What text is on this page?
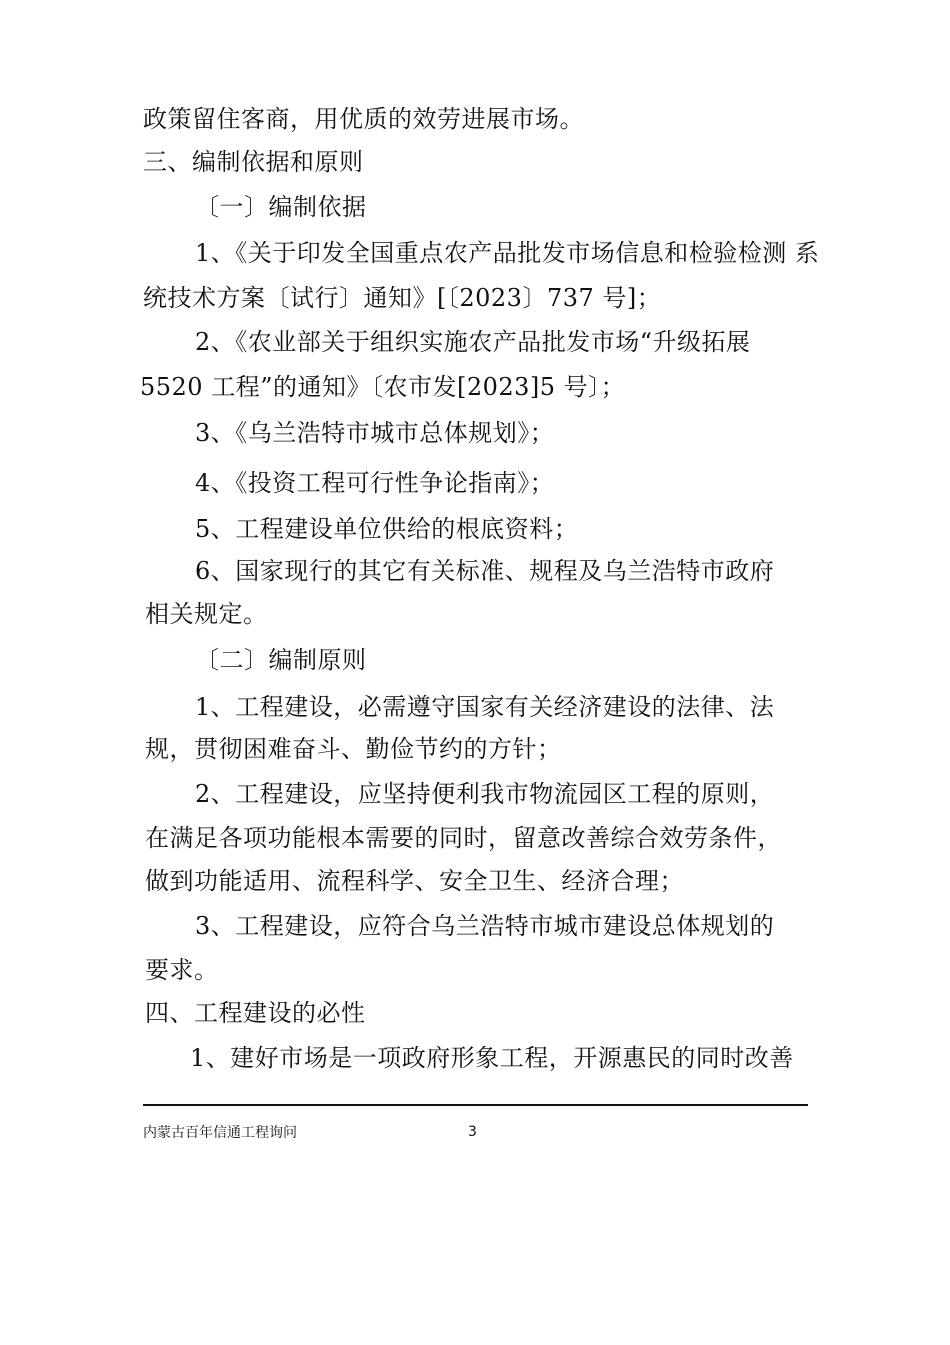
政策留住客商，用优质的效劳进展市场。
三、编制依据和原则
〔一〕编制依据
1、《关于印发全国重点农产品批发市场信息和检验检测 系
统技术方案〔试行〕通知》[〔2023〕737 号]；
2、《农业部关于组织实施农产品批发市场“升级拓展
5520 工程”的通知》〔农市发[2023]5 号〕；
3、《乌兰浩特市城市总体规划》；
4、《投资工程可行性争论指南》；
5、工程建设单位供给的根底资料；
6、国家现行的其它有关标准、规程及乌兰浩特市政府
相关规定。
〔二〕编制原则
1、工程建设，必需遵守国家有关经济建设的法律、法
规，贯彻困难奋斗、勤俭节约的方针；
2、工程建设，应坚持便利我市物流园区工程的原则，
在满足各项功能根本需要的同时，留意改善综合效劳条件，
做到功能适用、流程科学、安全卫生、经济合理；
3、工程建设，应符合乌兰浩特市城市建设总体规划的
要求。
四、工程建设的必性
1、建好市场是一项政府形象工程，开源惠民的同时改善
内蒙古百年信通工程询问	3
